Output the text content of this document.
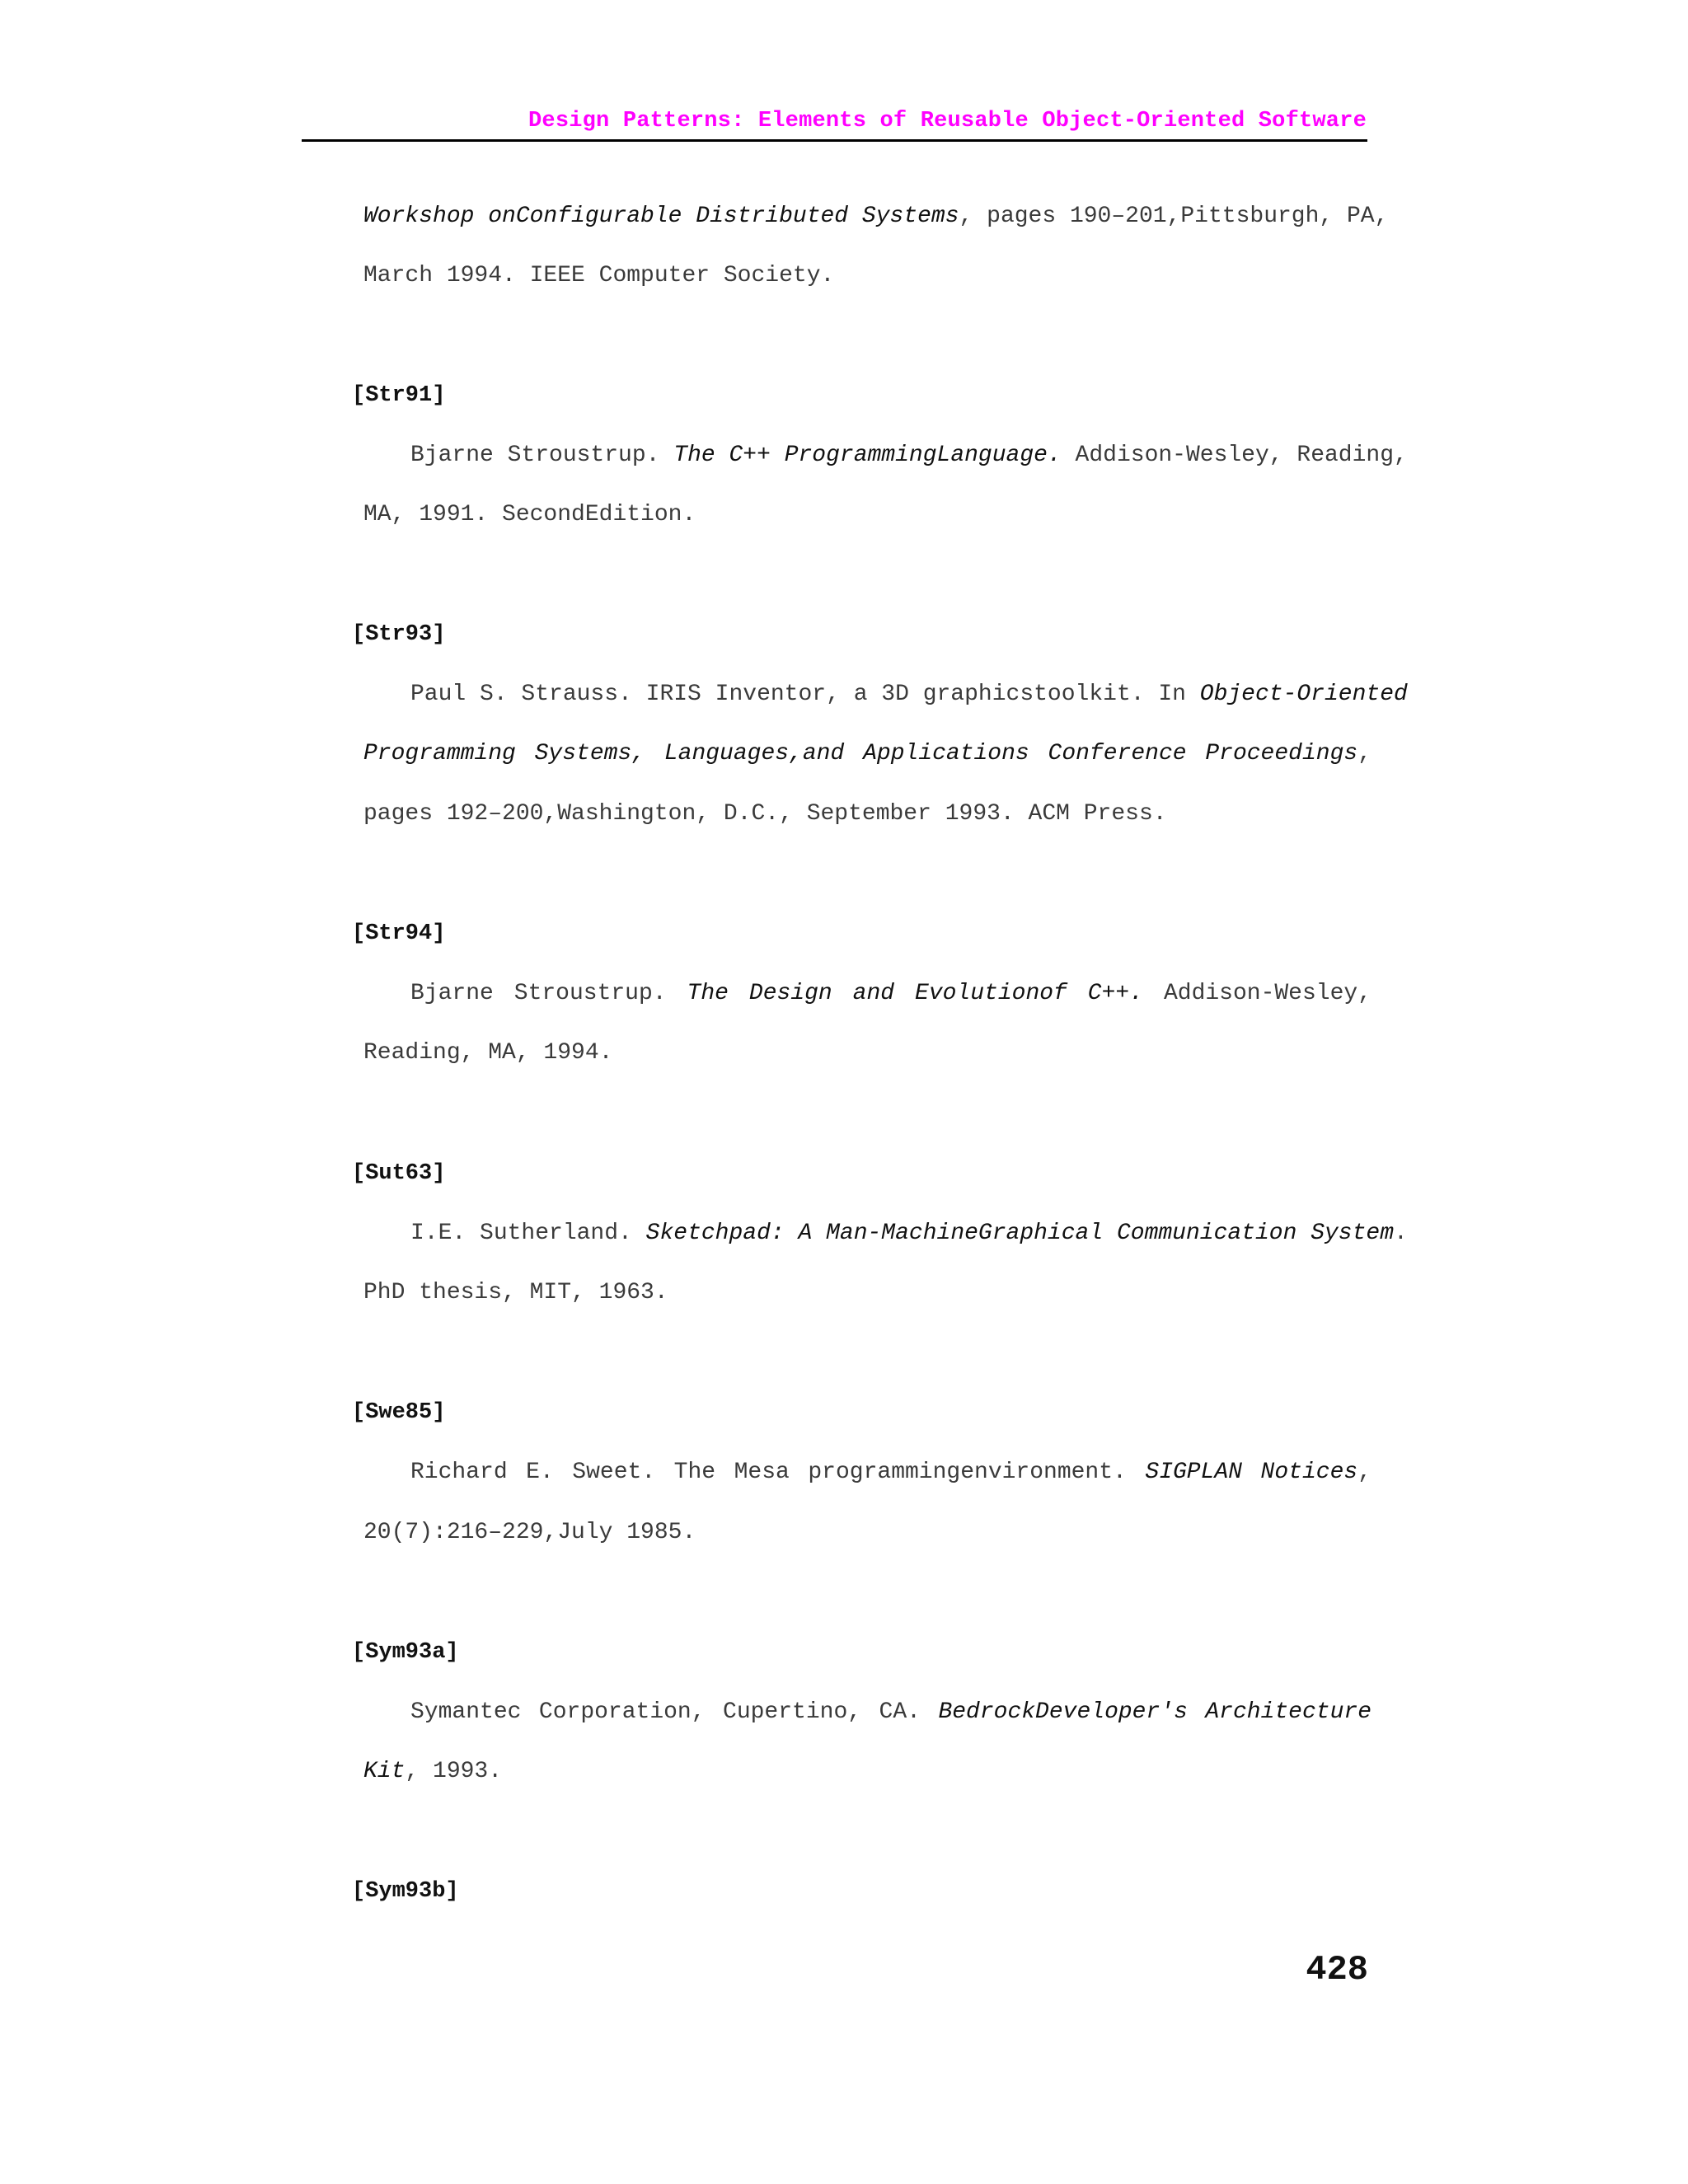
Design Patterns: Elements of Reusable Object-Oriented Software
Workshop onConfigurable Distributed Systems, pages 190–201,Pittsburgh, PA,
March 1994. IEEE Computer Society.
[Str91]
Bjarne Stroustrup. The C++ ProgrammingLanguage. Addison-Wesley, Reading,
MA, 1991. SecondEdition.
[Str93]
Paul S. Strauss. IRIS Inventor, a 3D graphicstoolkit. In Object-Oriented
Programming Systems, Languages,and Applications Conference Proceedings,
pages 192–200,Washington, D.C., September 1993. ACM Press.
[Str94]
Bjarne Stroustrup. The Design and Evolutionof C++. Addison-Wesley,
Reading, MA, 1994.
[Sut63]
I.E. Sutherland. Sketchpad: A Man-MachineGraphical Communication System.
PhD thesis, MIT, 1963.
[Swe85]
Richard E. Sweet. The Mesa programmingenvironment. SIGPLAN Notices,
20(7):216–229,July 1985.
[Sym93a]
Symantec Corporation, Cupertino, CA. BedrockDeveloper's Architecture
Kit, 1993.
[Sym93b]
428
